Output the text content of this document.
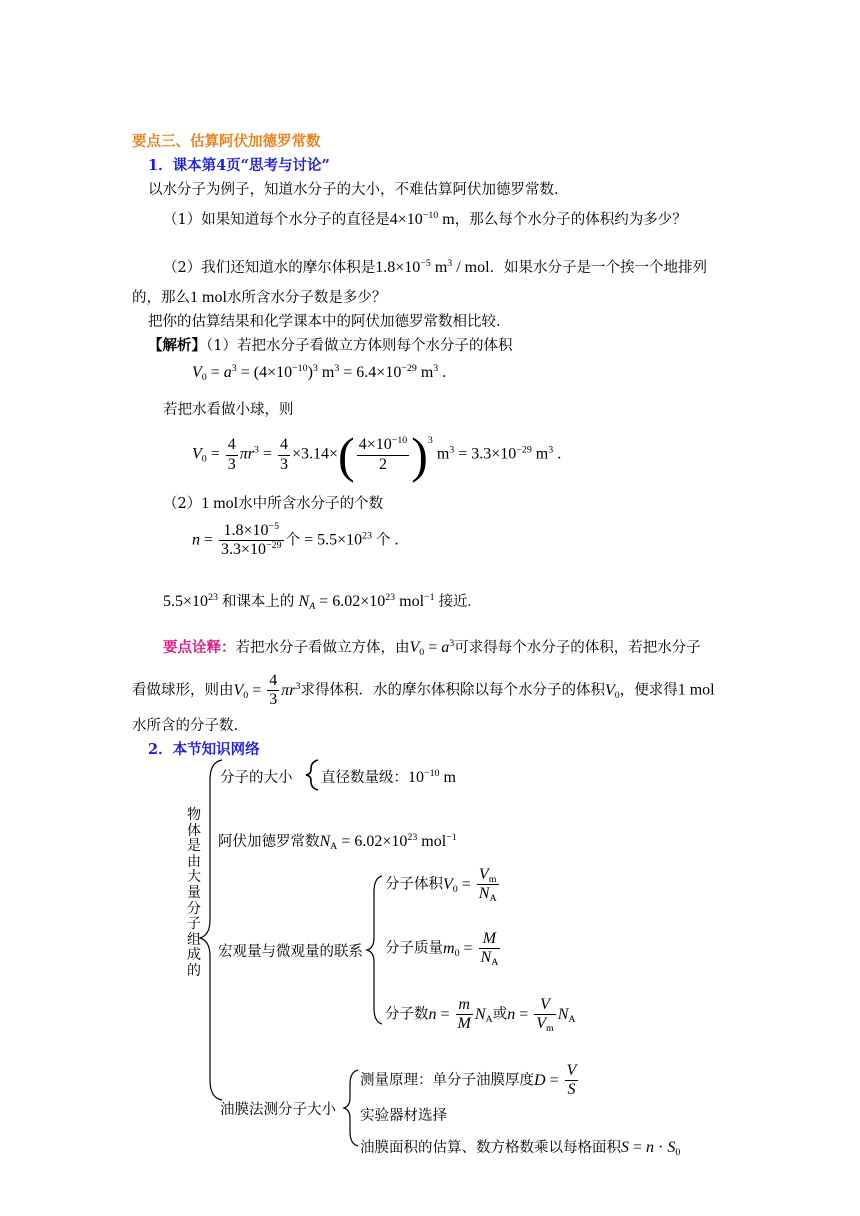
要点三、估算阿伏加德罗常数
1．课本第4页“思考与讨论”
以水分子为例子，知道水分子的大小，不难估算阿伏加德罗常数.
（1）如果知道每个水分子的直径是$4\times 10^{-10}$ m，那么每个水分子的体积约为多少？
（2）我们还知道水的摩尔体积是$1.8\times 10^{-5}$ $m^3$ / mol．如果水分子是一个挨一个地排列
的，那么1 mol水所含水分子数是多少？
把你的估算结果和化学课本中的阿伏加德罗常数相比较.
【解析】（1）若把水分子看做立方体则每个水分子的体积
$V_0 = a^3 = (4\times 10^{-10})^3$ $m^3 = 6.4\times 10^{-29}$ $m^3$ .
若把水看做小球，则
$V_0 = \frac{4}{3} \pi r^3 = \frac{4}{3} \times 3.14\times( \frac{4\times 10^{-10}}{2} )^3$ $m^3 = 3.3\times 10^{-29}$ $m^3$ .
（2）1 mol水中所含水分子的个数
$n = \frac{1.8\times 10^{-5}}{3.3\times 10^{-29}}$ 个 = $5.5\times 10^{23}$ 个 .
$5.5\times 10^{23}$ 和课本上的 $N_A = 6.02\times 10^{23}$ mol$^{-1}$ 接近.
要点诠释：若把水分子看做立方体，由$V_0 = a^3$可求得每个水分子的体积，若把水分子
看做球形，则由$V_0 = \frac{4}{3} \pi r^3$求得体积．水的摩尔体积除以每个水分子的体积$V_0$，便求得1 mol
水所含的分子数.
2．本节知识网络
物体是由大量分子组成的
分子的大小 直径数量级：$10^{-10}$ m
阿伏加德罗常数$N_A = 6.02\times 10^{23}$ mol$^{-1}$
宏观量与微观量的联系
分子体积$V_0 = \frac{V_m}{N_A}$
分子质量$m_0 = \frac{M}{N_A}$
分子数$n = \frac{m}{M} N_A$或$n = \frac{V}{V_m} N_A$
油膜法测分子大小
测量原理：单分子油膜厚度$D = \frac{V}{S}$
实验器材选择
油膜面积的估算、数方格数乘以每格面积$S = n \cdot S_0$
